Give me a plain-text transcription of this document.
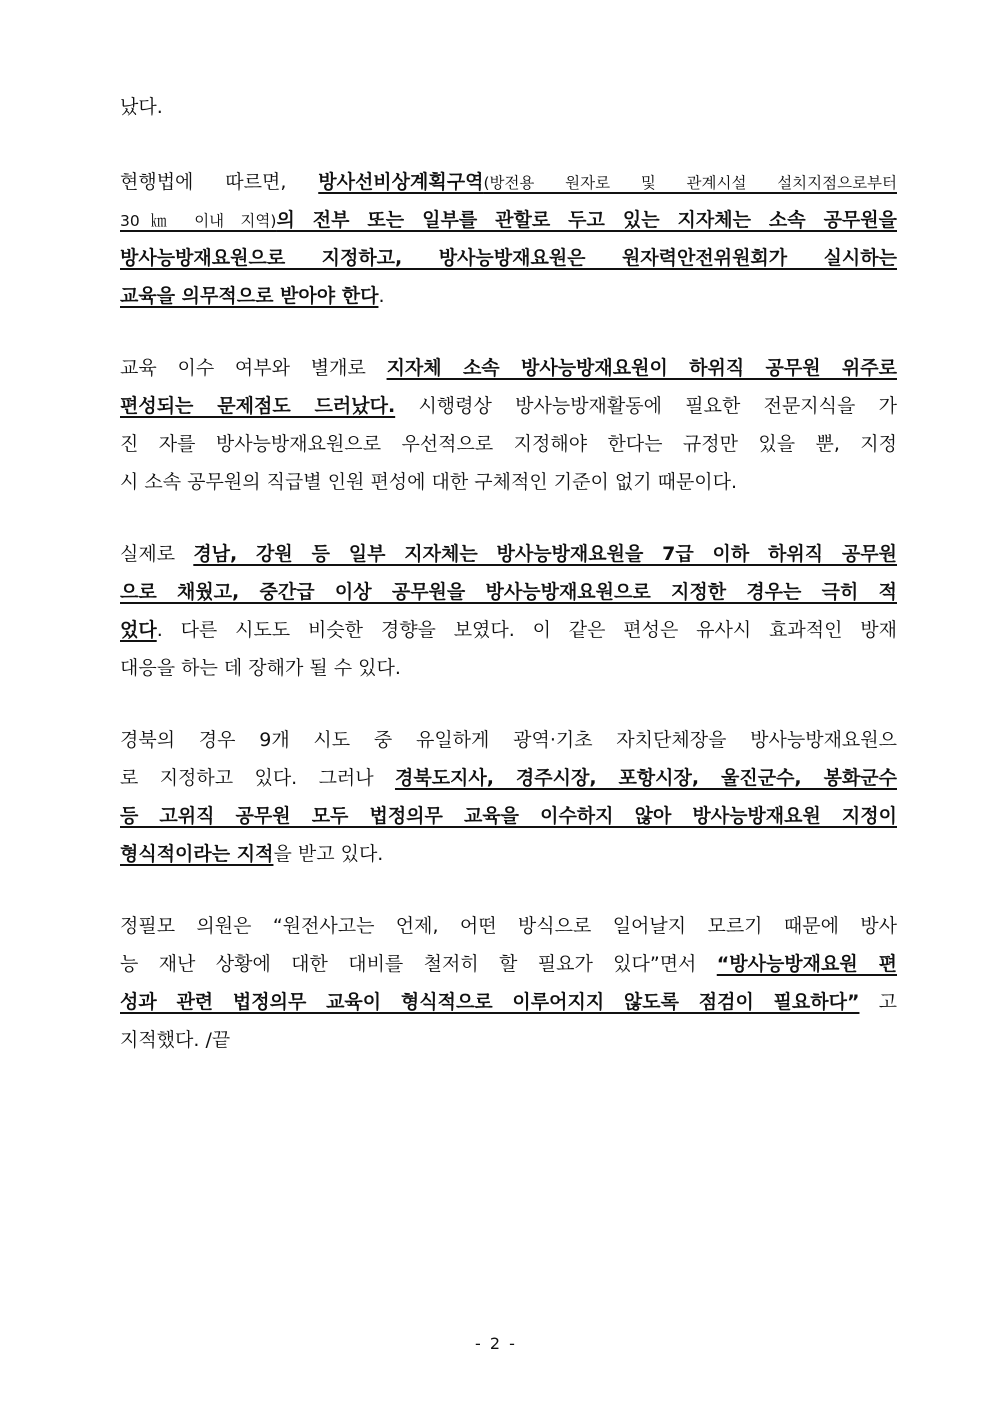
났다.
현행법에 따르면, 방사선비상계획구역(방전용 원자로 및 관계시설 설치지점으로부터
30㎞ 이내 지역)의 전부 또는 일부를 관할로 두고 있는 지자체는 소속 공무원을
방사능방재요원으로 지정하고, 방사능방재요원은 원자력안전위원회가 실시하는
교육을 의무적으로 받아야 한다.
교육 이수 여부와 별개로 지자체 소속 방사능방재요원이 하위직 공무원 위주로
편성되는 문제점도 드러났다. 시행령상 방사능방재활동에 필요한 전문지식을 가
진 자를 방사능방재요원으로 우선적으로 지정해야 한다는 규정만 있을 뿐, 지정
시 소속 공무원의 직급별 인원 편성에 대한 구체적인 기준이 없기 때문이다.
실제로 경남, 강원 등 일부 지자체는 방사능방재요원을 7급 이하 하위직 공무원
으로 채웠고, 중간급 이상 공무원을 방사능방재요원으로 지정한 경우는 극히 적
었다. 다른 시도도 비슷한 경향을 보였다. 이 같은 편성은 유사시 효과적인 방재
대응을 하는 데 장해가 될 수 있다.
경북의 경우 9개 시도 중 유일하게 광역·기초 자치단체장을 방사능방재요원으
로 지정하고 있다. 그러나 경북도지사, 경주시장, 포항시장, 울진군수, 봉화군수
등 고위직 공무원 모두 법정의무 교육을 이수하지 않아 방사능방재요원 지정이
형식적이라는 지적을 받고 있다.
정필모 의원은 “원전사고는 언제, 어떤 방식으로 일어날지 모르기 때문에 방사
능 재난 상황에 대한 대비를 철저히 할 필요가 있다”면서 “방사능방재요원 편
성과 관련 법정의무 교육이 형식적으로 이루어지지 않도록 점검이 필요하다” 고
지적했다. /끝
- 2 -
